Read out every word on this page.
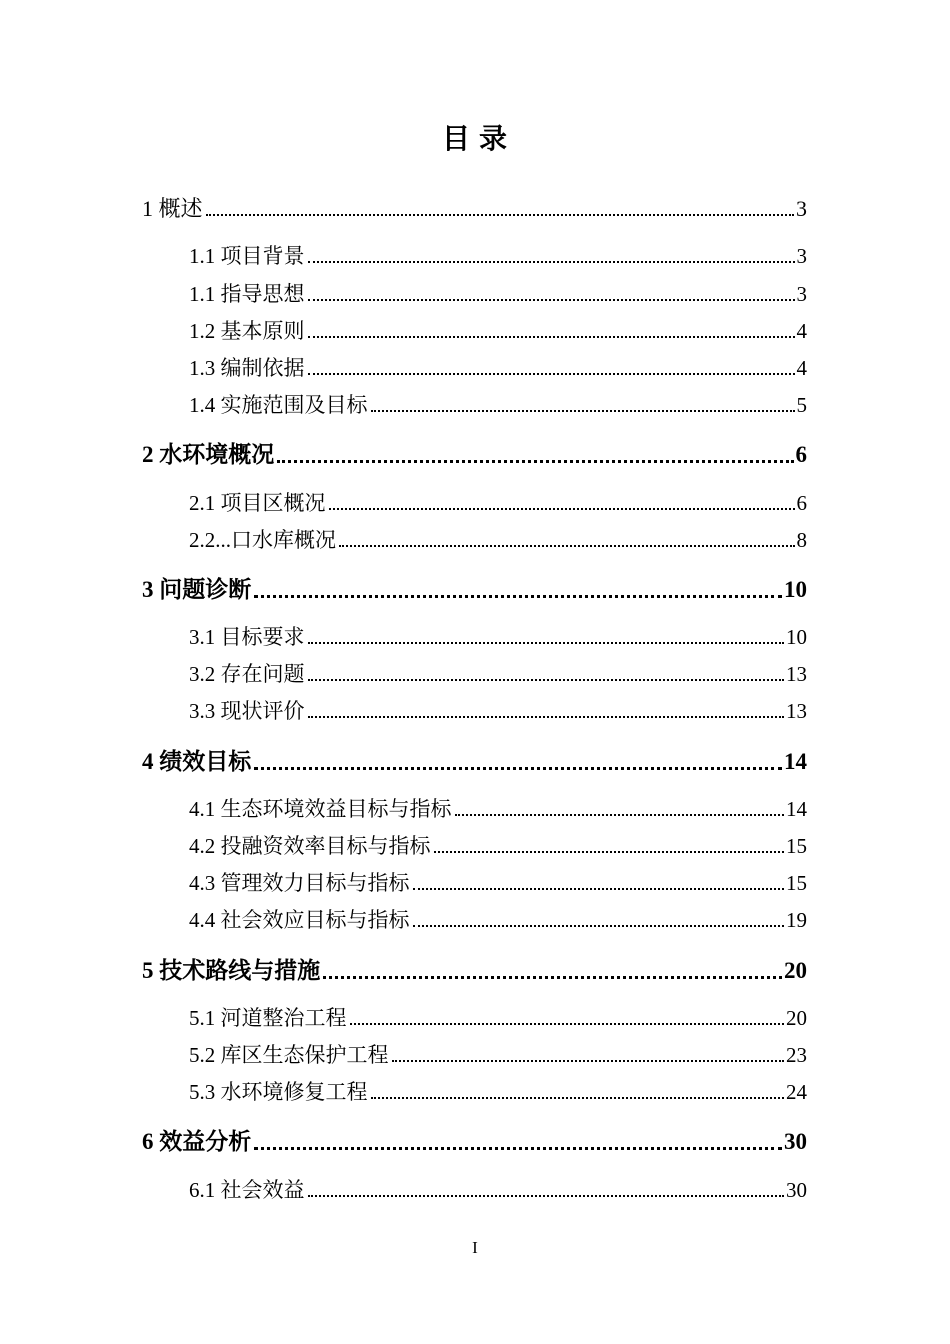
目 录
1 概述	3
1.1 项目背景	3
1.1 指导思想	3
1.2 基本原则	4
1.3 编制依据	4
1.4 实施范围及目标	5
2 水环境概况	6
2.1 项目区概况	6
2.2...口水库概况	8
3 问题诊断	10
3.1 目标要求	10
3.2 存在问题	13
3.3 现状评价	13
4 绩效目标	14
4.1 生态环境效益目标与指标	14
4.2 投融资效率目标与指标	15
4.3 管理效力目标与指标	15
4.4 社会效应目标与指标	19
5 技术路线与措施	20
5.1 河道整治工程	20
5.2 库区生态保护工程	23
5.3 水环境修复工程	24
6 效益分析	30
6.1 社会效益	30
I
